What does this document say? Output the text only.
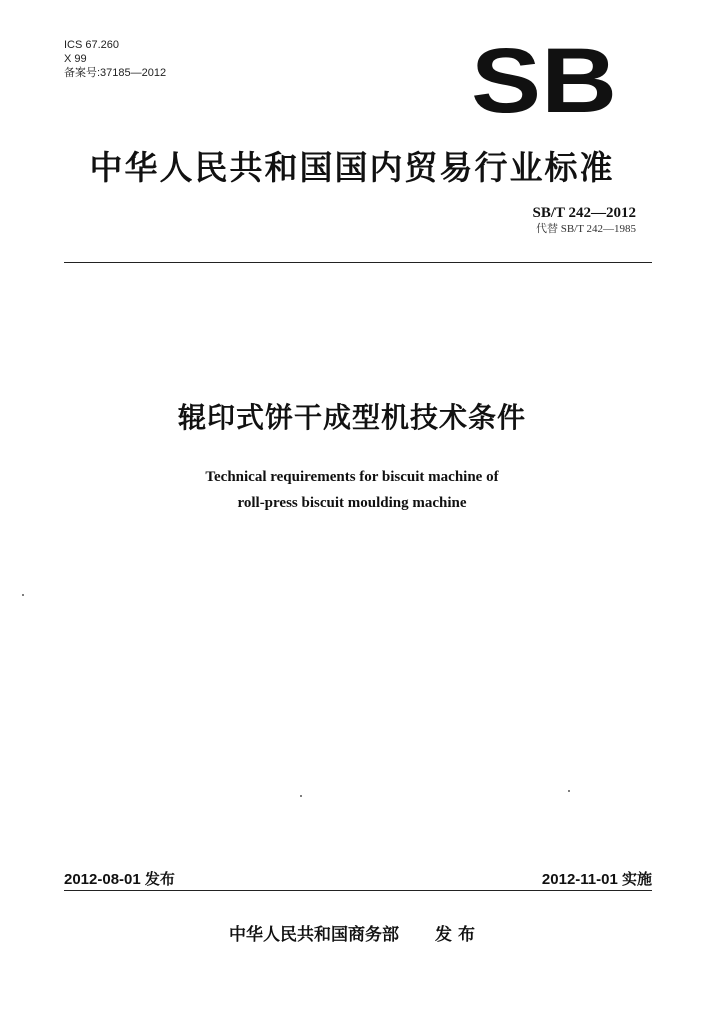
ICS 67.260
X 99
备案号:37185—2012	SB
中华人民共和国国内贸易行业标准
SB/T 242—2012
代替 SB/T 242—1985
辊印式饼干成型机技术条件
Technical requirements for biscuit machine of
roll-press biscuit moulding machine
2012-08-01 发布	2012-11-01 实施
中华人民共和国商务部 发 布
